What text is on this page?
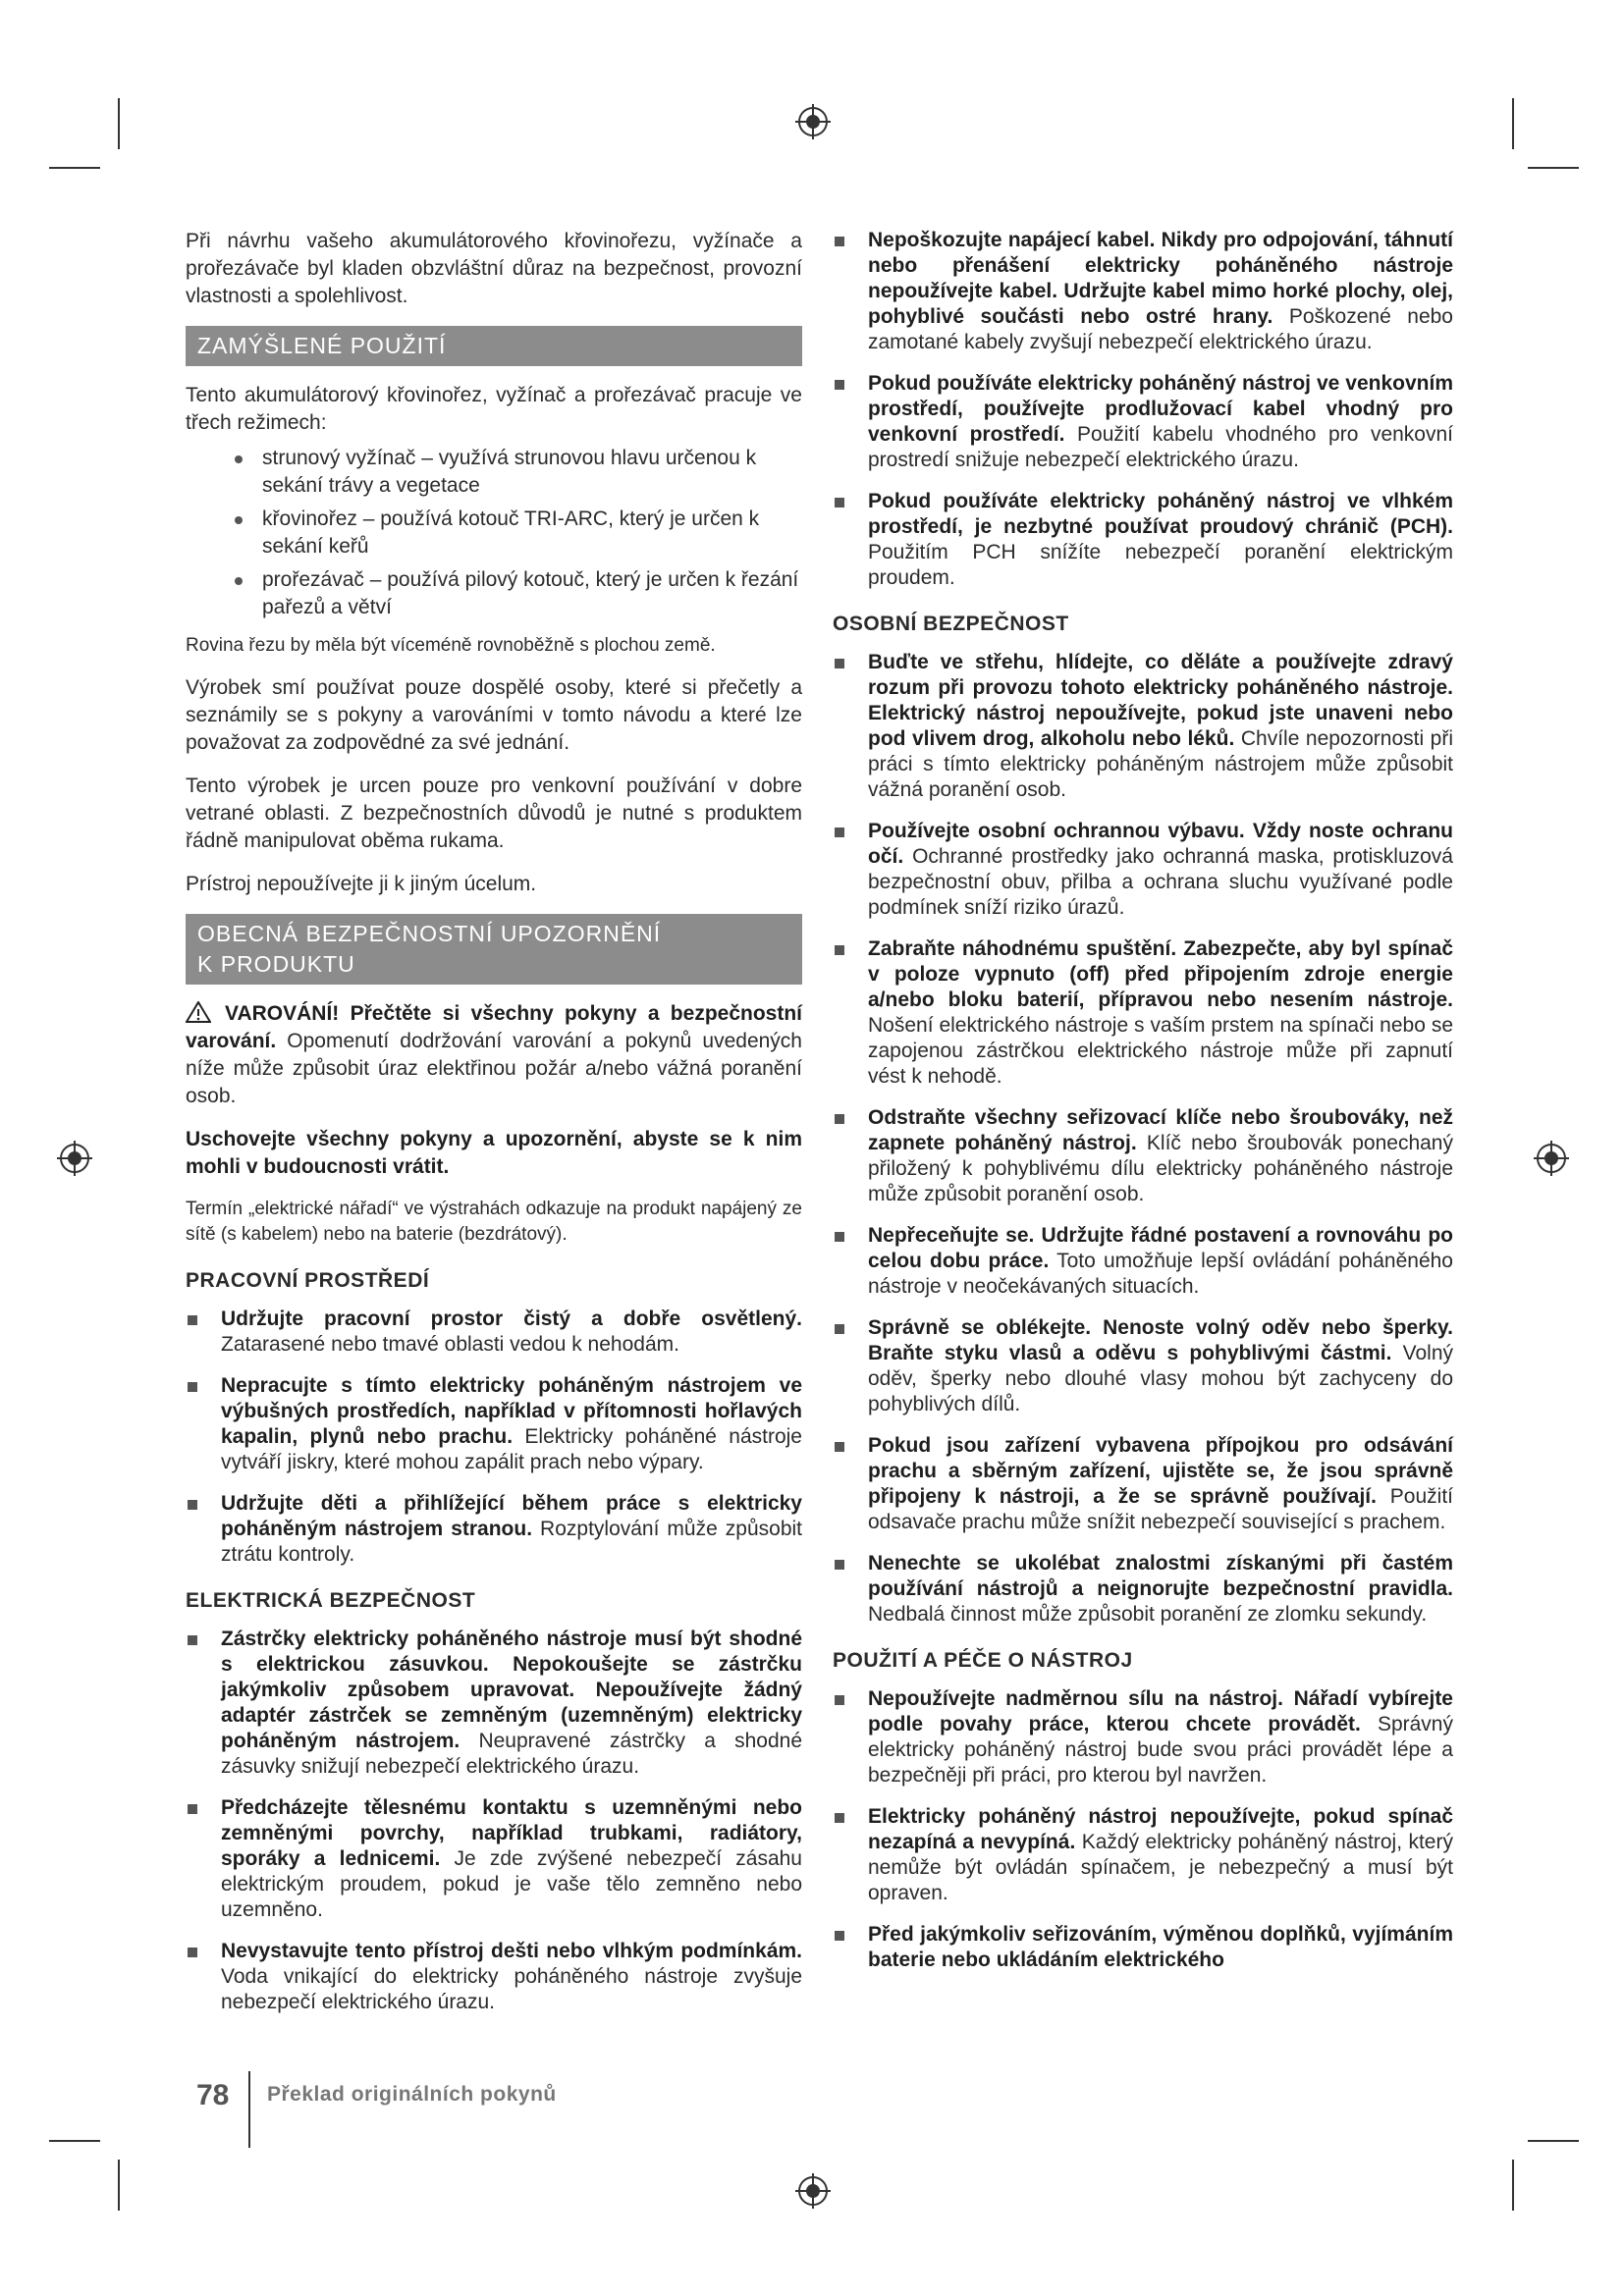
Při návrhu vašeho akumulátorového křovinořezu, vyžínače a prořezávače byl kladen obzvláštní důraz na bezpečnost, provozní vlastnosti a spolehlivost.

ZAMÝŠLENÉ POUŽITÍ

Tento akumulátorový křovinořez, vyžínač a prořezávač pracuje ve třech režimech:

strunový vyžínač – využívá strunovou hlavu určenou k sekání trávy a vegetace
křovinořez – používá kotouč TRI-ARC, který je určen k sekání keřů
prořezávač – používá pilový kotouč, který je určen k řezání pařezů a větví

Rovina řezu by měla být víceméně rovnoběžně s plochou země.

Výrobek smí používat pouze dospělé osoby, které si přečetly a seznámily se s pokyny a varováními v tomto návodu a které lze považovat za zodpovědné za své jednání.

Tento výrobek je urcen pouze pro venkovní používání v dobre vetrané oblasti. Z bezpečnostních důvodů je nutné s produktem řádně manipulovat oběma rukama.

Prístroj nepoužívejte ji k jiným úcelum.

OBECNÁ BEZPEČNOSTNÍ UPOZORNĚNÍ
K PRODUKTU

VAROVÁNÍ! Přečtěte si všechny pokyny a bezpečnostní varování. Opomenutí dodržování varování a pokynů uvedených níže může způsobit úraz elektřinou požár a/nebo vážná poranění osob.

Uschovejte všechny pokyny a upozornění, abyste se k nim mohli v budoucnosti vrátit.

Termín „elektrické nářadí“ ve výstrahách odkazuje na produkt napájený ze sítě (s kabelem) nebo na baterie (bezdrátový).

PRACOVNÍ PROSTŘEDÍ
Udržujte pracovní prostor čistý a dobře osvětlený. Zatarasené nebo tmavé oblasti vedou k nehodám.
Nepracujte s tímto elektricky poháněným nástrojem ve výbušných prostředích, například v přítomnosti hořlavých kapalin, plynů nebo prachu. Elektricky poháněné nástroje vytváří jiskry, které mohou zapálit prach nebo výpary.
Udržujte děti a přihlížející během práce s elektricky poháněným nástrojem stranou. Rozptylování může způsobit ztrátu kontroly.
ELEKTRICKÁ BEZPEČNOST
Zástrčky elektricky poháněného nástroje musí být shodné s elektrickou zásuvkou. Nepokoušejte se zástrčku jakýmkoliv způsobem upravovat. Nepoužívejte žádný adaptér zástrček se zemněným (uzemněným) elektricky poháněným nástrojem. Neupravené zástrčky a shodné zásuvky snižují nebezpečí elektrického úrazu.
Předcházejte tělesnému kontaktu s uzemněnými nebo zemněnými povrchy, například trubkami, radiátory, sporáky a lednicemi. Je zde zvýšené nebezpečí zásahu elektrickým proudem, pokud je vaše tělo zemněno nebo uzemněno.
Nevystavujte tento přístroj dešti nebo vlhkým podmínkám. Voda vnikající do elektricky poháněného nástroje zvyšuje nebezpečí elektrického úrazu.
Nepoškozujte napájecí kabel. Nikdy pro odpojování, táhnutí nebo přenášení elektricky poháněného nástroje nepoužívejte kabel. Udržujte kabel mimo horké plochy, olej, pohyblivé součásti nebo ostré hrany. Poškozené nebo zamotané kabely zvyšují nebezpečí elektrického úrazu.
Pokud používáte elektricky poháněný nástroj ve venkovním prostředí, používejte prodlužovací kabel vhodný pro venkovní prostředí. Použití kabelu vhodného pro venkovní prostredí snižuje nebezpečí elektrického úrazu.
Pokud používáte elektricky poháněný nástroj ve vlhkém prostředí, je nezbytné používat proudový chránič (PCH). Použitím PCH snížíte nebezpečí poranění elektrickým proudem.
OSOBNÍ BEZPEČNOST
Buďte ve střehu, hlídejte, co děláte a používejte zdravý rozum při provozu tohoto elektricky poháněného nástroje. Elektrický nástroj nepoužívejte, pokud jste unaveni nebo pod vlivem drog, alkoholu nebo léků. Chvíle nepozornosti při práci s tímto elektricky poháněným nástrojem může způsobit vážná poranění osob.
Používejte osobní ochrannou výbavu. Vždy noste ochranu očí. Ochranné prostředky jako ochranná maska, protiskluzová bezpečnostní obuv, přilba a ochrana sluchu využívané podle podmínek sníží riziko úrazů.
Zabraňte náhodnému spuštění. Zabezpečte, aby byl spínač v poloze vypnuto (off) před připojením zdroje energie a/nebo bloku baterií, přípravou nebo nesením nástroje. Nošení elektrického nástroje s vaším prstem na spínači nebo se zapojenou zástrčkou elektrického nástroje může při zapnutí vést k nehodě.
Odstraňte všechny seřizovací klíče nebo šroubováky, než zapnete poháněný nástroj. Klíč nebo šroubovák ponechaný přiložený k pohyblivému dílu elektricky poháněného nástroje může způsobit poranění osob.
Nepřeceňujte se. Udržujte řádné postavení a rovnováhu po celou dobu práce. Toto umožňuje lepší ovládání poháněného nástroje v neočekávaných situacích.
Správně se oblékejte. Nenoste volný oděv nebo šperky. Braňte styku vlasů a oděvu s pohyblivými částmi. Volný oděv, šperky nebo dlouhé vlasy mohou být zachyceny do pohyblivých dílů.
Pokud jsou zařízení vybavena přípojkou pro odsávání prachu a sběrným zařízení, ujistěte se, že jsou správně připojeny k nástroji, a že se správně používají. Použití odsavače prachu může snížit nebezpečí související s prachem.
Nenechte se ukolébat znalostmi získanými při častém používání nástrojů a neignorujte bezpečnostní pravidla. Nedbalá činnost může způsobit poranění ze zlomku sekundy.
POUŽITÍ A PÉČE O NÁSTROJ
Nepoužívejte nadměrnou sílu na nástroj. Nářadí vybírejte podle povahy práce, kterou chcete provádět. Správný elektricky poháněný nástroj bude svou práci provádět lépe a bezpečněji při práci, pro kterou byl navržen.
Elektricky poháněný nástroj nepoužívejte, pokud spínač nezapíná a nevypíná. Každý elektricky poháněný nástroj, který nemůže být ovládán spínačem, je nebezpečný a musí být opraven.
Před jakýmkoliv seřizováním, výměnou doplňků, vyjímáním baterie nebo ukládáním elektrického
78 Překlad originálních pokynů
